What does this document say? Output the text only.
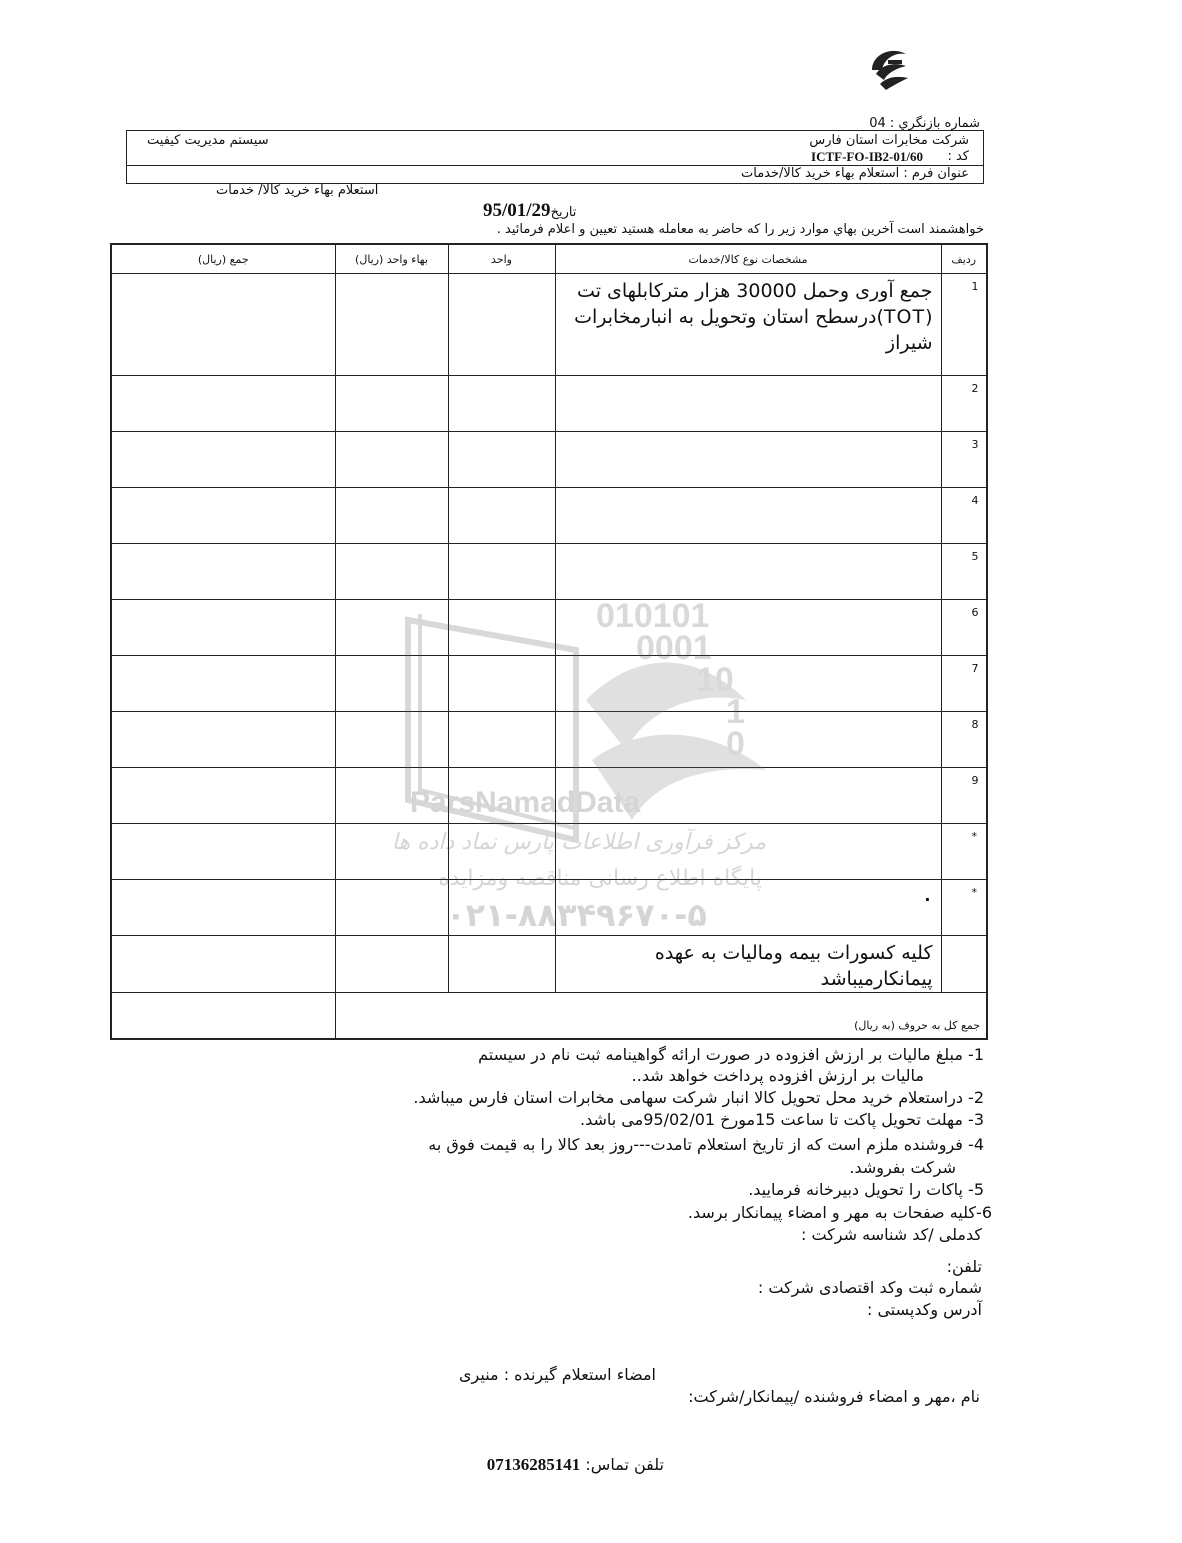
شماره بازنگري : 04
شرکت مخابرات استان فارس
سيستم مديريت کيفيت
کد :
ICTF-FO-IB2-01/60
عنوان فرم : استعلام بهاء خريد کالا/خدمات
استعلام بهاء خريد کالا/ خدمات
تاريخ95/01/29
خواهشمند است آخرين بهاي موارد زير را كه حاضر به معامله هستيد تعيين و اعلام فرمائيد .
رديف	مشخصات نوع کالا/خدمات	واحد	بهاء واحد (ریال)	جمع (ریال)
1	جمع آوری وحمل 30000 هزار مترکابلهای تت (TOT)درسطح استان وتحویل به انبارمخابرات شیراز			
2				
3				
4				
5				
6				
7				
8				
9				
*				
*	.			
	کلیه کسورات بیمه ومالیات به عهده پیمانکارمیباشد			
جمع کل به حروف (به ریال)				
010101
0001
10
1
0
ParsNamadData
مرکز فرآوری اطلاعات پارس نماد داده ها
پایگاه اطلاع رسانی مناقصه ومزایده
۰۲۱-۸۸۳۴۹۶۷۰-۵
1- مبلغ ماليات بر ارزش افزوده در صورت ارائه گواهينامه ثبت نام در سيستم
ماليات بر ارزش افزوده پرداخت خواهد شد..
2- دراستعلام خرید محل تحویل کالا انبار شرکت سهامی مخابرات استان فارس میباشد.
3- مهلت تحویل پاکت تا ساعت 15مورخ 95/02/01می باشد.
4- فروشنده ملزم است که از تاریخ استعلام تامدت---روز بعد کالا را به قیمت فوق به
شرکت بفروشد.
5- پاکات را تحویل دبیرخانه فرمایید.
6-کلیه صفحات به مهر و امضاء پیمانکار برسد.
کدملی /کد شناسه شرکت :
تلفن:
شماره ثبت وکد اقتصادی شرکت :
آدرس وکدپستی :
امضاء استعلام گيرنده : منیری
نام ،مهر و امضاء فروشنده /پيمانکار/شرکت:
تلفن تماس: 07136285141
